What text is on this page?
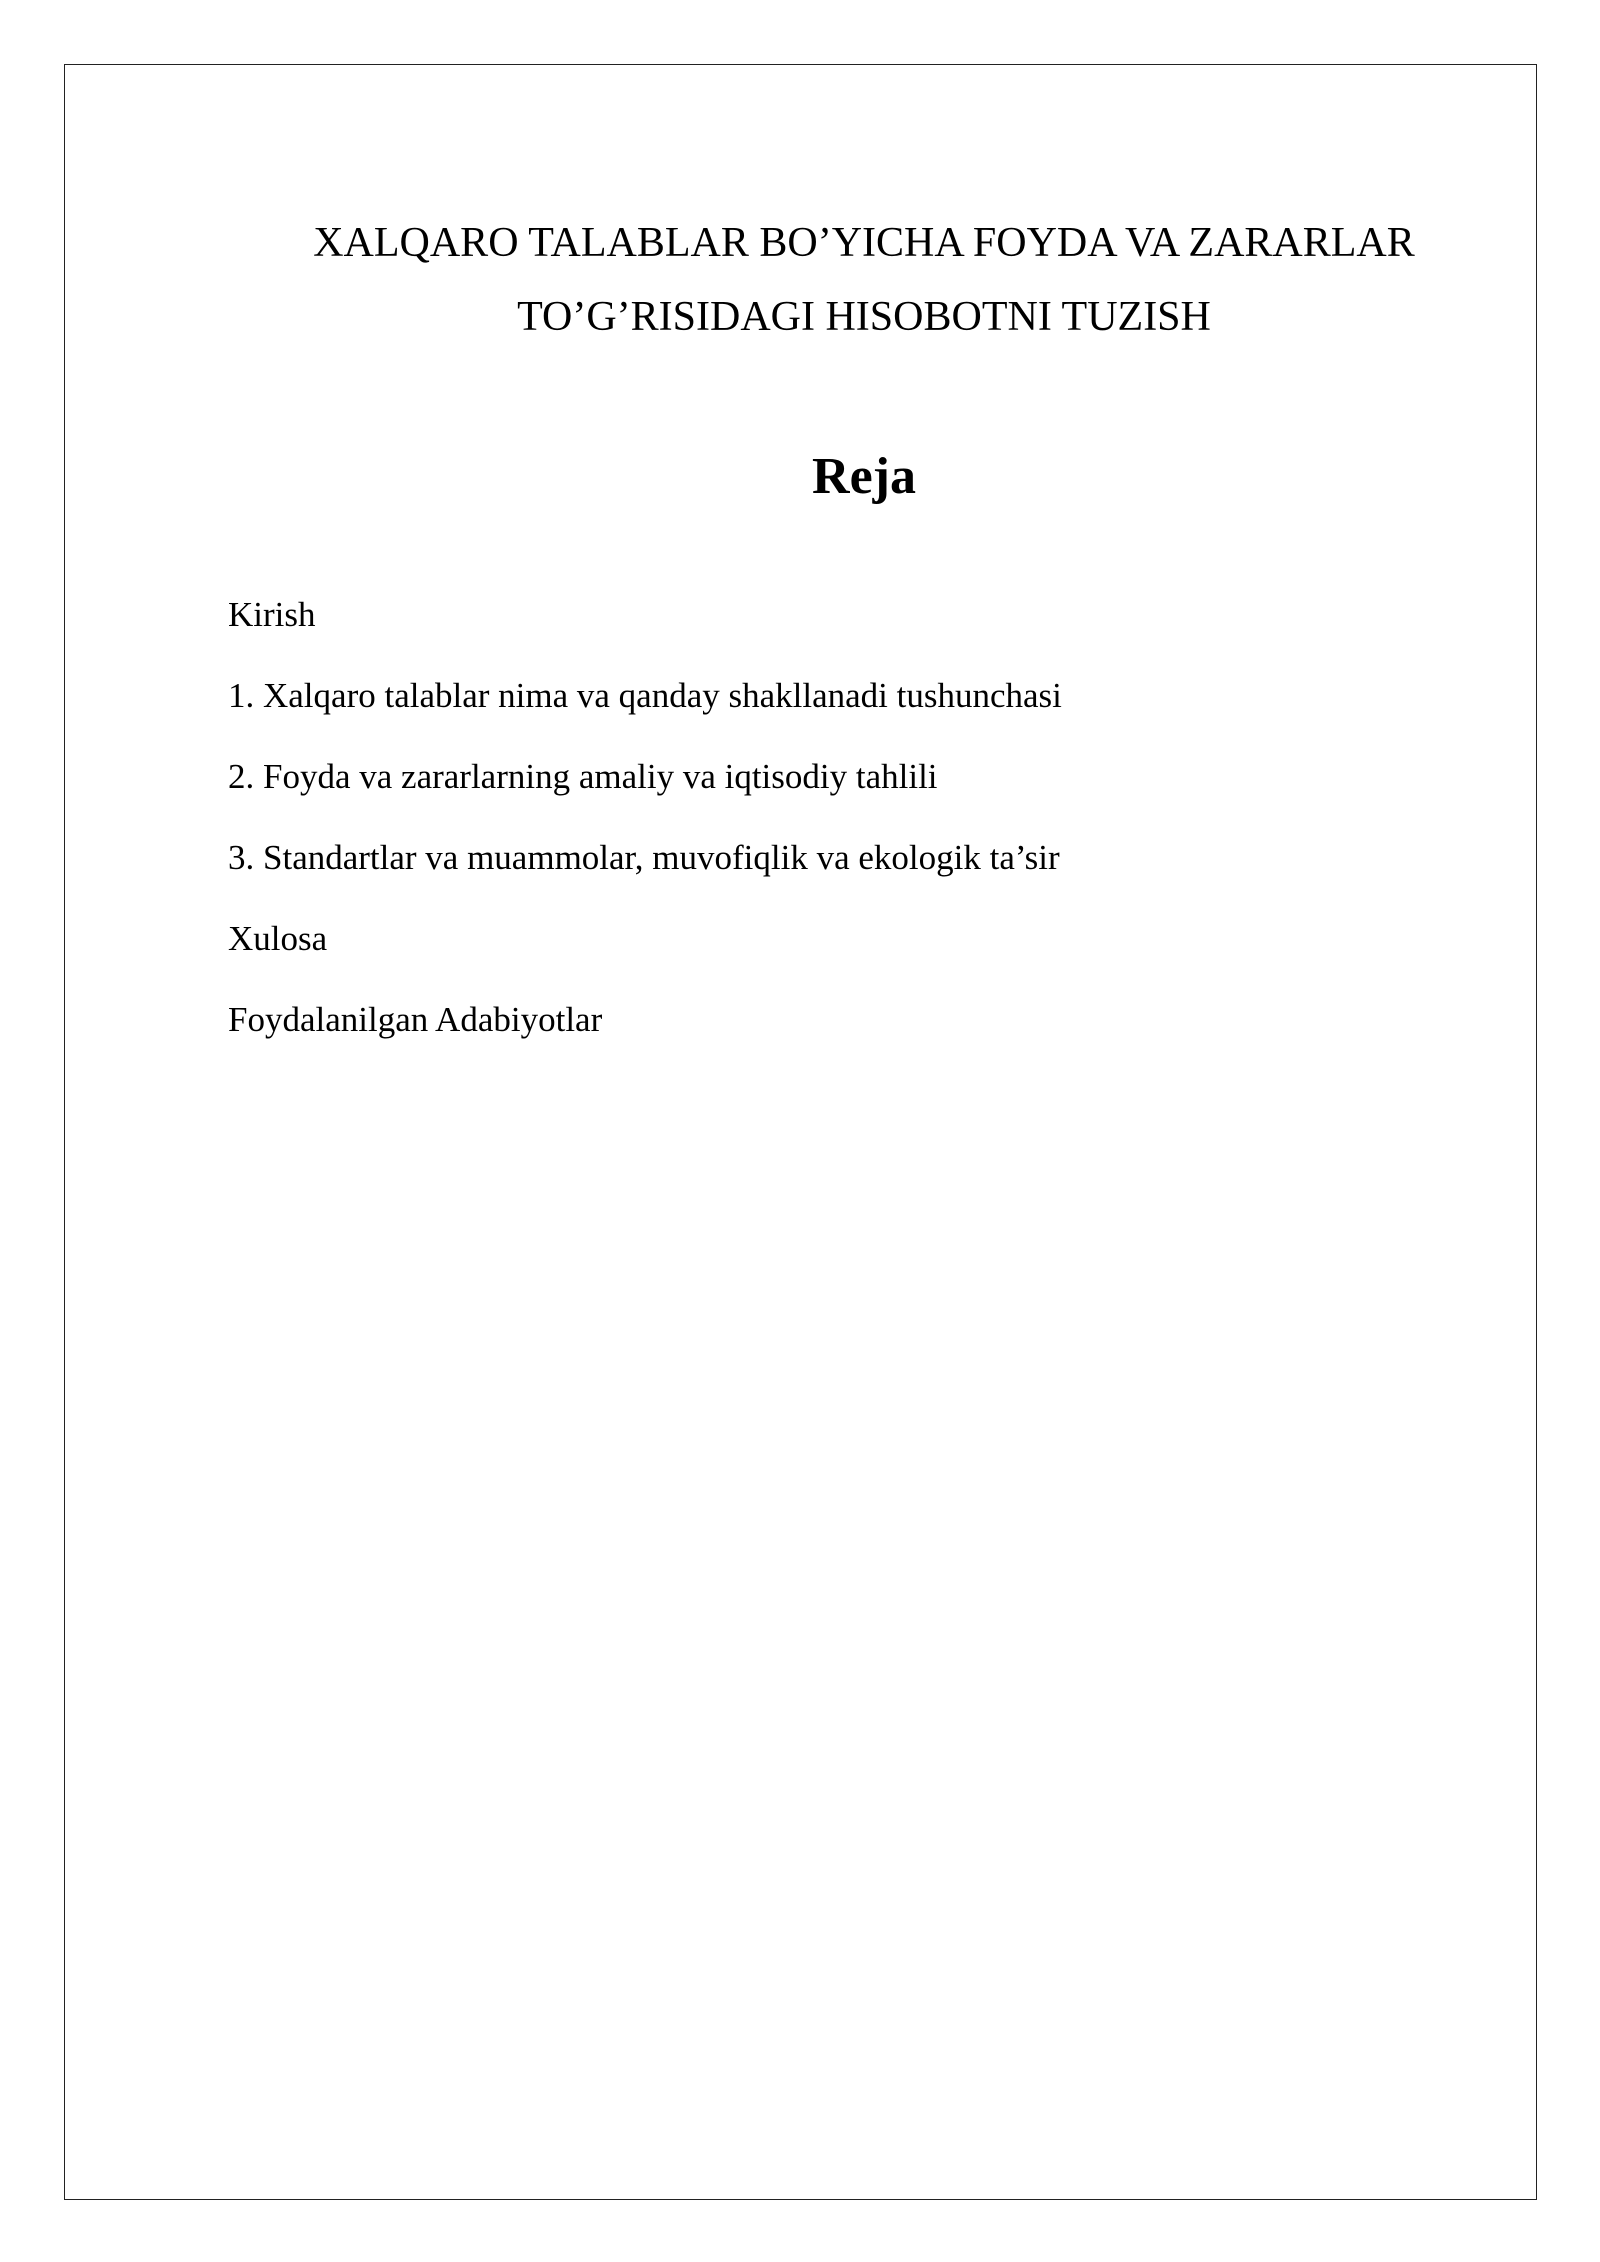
XALQARO TALABLAR BO’YICHA FOYDA VA ZARARLAR
TO’G’RISIDAGI HISOBOTNI TUZISH
Reja
Kirish
1. Xalqaro talablar nima va qanday shakllanadi tushunchasi
2. Foyda va zararlarning amaliy va iqtisodiy tahlili
3. Standartlar va muammolar, muvofiqlik va ekologik ta’sir
Xulosa
Foydalanilgan Adabiyotlar
